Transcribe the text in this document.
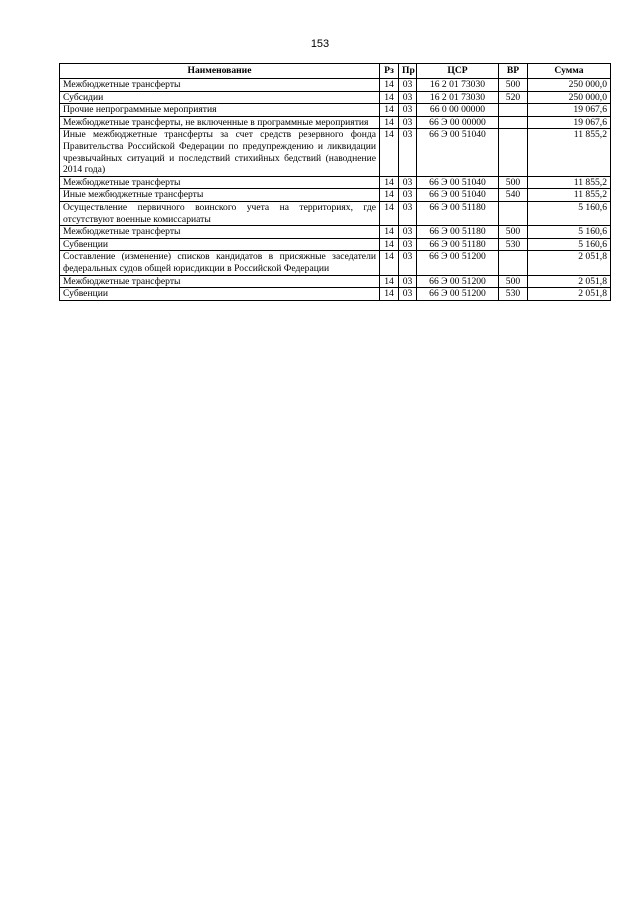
153
Наименование	Рз	Пр	ЦСР	ВР	Сумма
Межбюджетные трансферты	14	03	16 2 01 73030	500	250 000,0
Субсидии	14	03	16 2 01 73030	520	250 000,0
Прочие непрограммные мероприятия	14	03	66 0 00 00000		19 067,6
Межбюджетные трансферты, не включенные в программные мероприятия	14	03	66 Э 00 00000		19 067,6
Иные межбюджетные трансферты за счет средств резервного фонда Правительства Российской Федерации по предупреждению и ликвидации чрезвычайных ситуаций и последствий стихийных бедствий (наводнение 2014 года)	14	03	66 Э 00 51040		11 855,2
Межбюджетные трансферты	14	03	66 Э 00 51040	500	11 855,2
Иные межбюджетные трансферты	14	03	66 Э 00 51040	540	11 855,2
Осуществление первичного воинского учета на территориях, где отсутствуют военные комиссариаты	14	03	66 Э 00 51180		5 160,6
Межбюджетные трансферты	14	03	66 Э 00 51180	500	5 160,6
Субвенции	14	03	66 Э 00 51180	530	5 160,6
Составление (изменение) списков кандидатов в присяжные заседатели федеральных судов общей юрисдикции в Российской Федерации	14	03	66 Э 00 51200		2 051,8
Межбюджетные трансферты	14	03	66 Э 00 51200	500	2 051,8
Субвенции	14	03	66 Э 00 51200	530	2 051,8
